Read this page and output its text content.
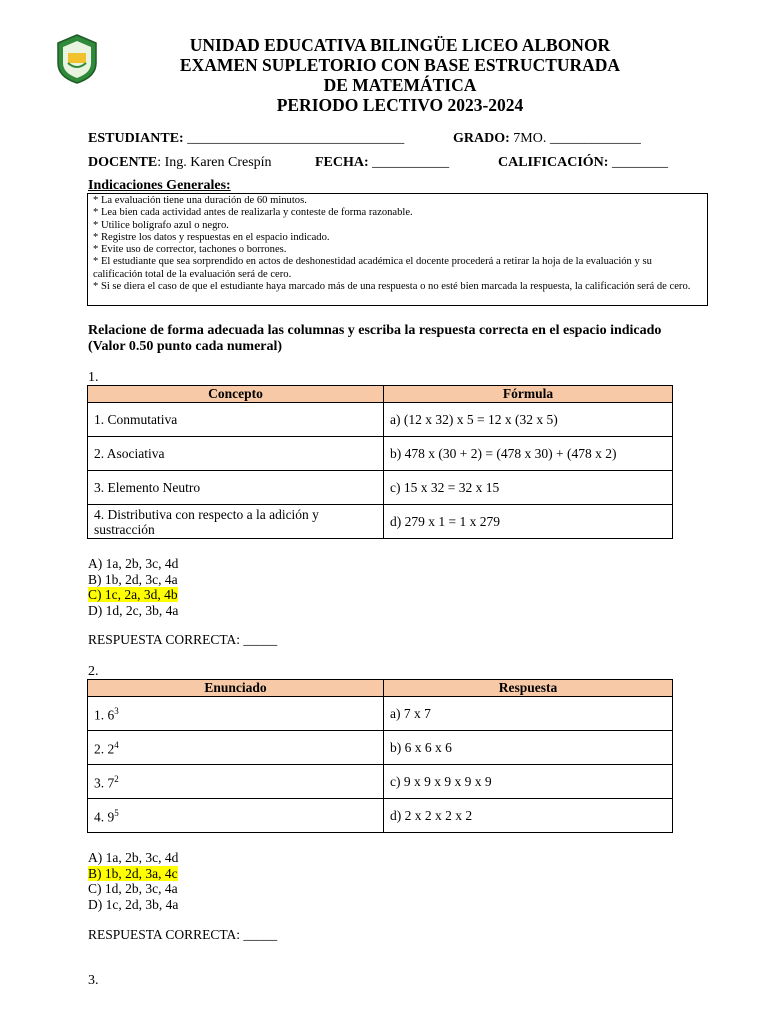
UNIDAD EDUCATIVA BILINGÜE LICEO ALBONOR
EXAMEN SUPLETORIO CON BASE ESTRUCTURADA
DE MATEMÁTICA
PERIODO LECTIVO 2023-2024
ESTUDIANTE: _______________________________	GRADO: 7MO. _____________
DOCENTE: Ing. Karen Crespín	FECHA: ___________	CALIFICACIÓN: ________
Indicaciones Generales:
* La evaluación tiene una duración de 60 minutos.
* Lea bien cada actividad antes de realizarla y conteste de forma razonable.
* Utilice bolígrafo azul o negro.
* Registre los datos y respuestas en el espacio indicado.
* Evite uso de corrector, tachones o borrones.
* El estudiante que sea sorprendido en actos de deshonestidad académica el docente procederá a retirar la hoja de la evaluación y su calificación total de la evaluación será de cero.
* Si se diera el caso de que el estudiante haya marcado más de una respuesta o no esté bien marcada la respuesta, la calificación será de cero.
Relacione de forma adecuada las columnas y escriba la respuesta correcta en el espacio indicado
(Valor 0.50 punto cada numeral)
1.
Concepto	Fórmula
1. Conmutativa	a) (12 x 32) x 5 = 12 x (32 x 5)
2. Asociativa	b) 478 x (30 + 2) = (478 x 30) + (478 x 2)
3. Elemento Neutro	c) 15 x 32 = 32 x 15
4. Distributiva con respecto a la adición y sustracción	d) 279 x 1 = 1 x 279
A) 1a, 2b, 3c, 4d
B) 1b, 2d, 3c, 4a
C) 1c, 2a, 3d, 4b
D) 1d, 2c, 3b, 4a
RESPUESTA CORRECTA: _____
2.
Enunciado	Respuesta
1. $6^3$	a) 7 x 7
2. $2^4$	b) 6 x 6 x 6
3. $7^2$	c) 9 x 9 x 9 x 9 x 9
4. $9^5$	d) 2 x 2 x 2 x 2
A) 1a, 2b, 3c, 4d
B) 1b, 2d, 3a, 4c
C) 1d, 2b, 3c, 4a
D) 1c, 2d, 3b, 4a
RESPUESTA CORRECTA: _____
3.
